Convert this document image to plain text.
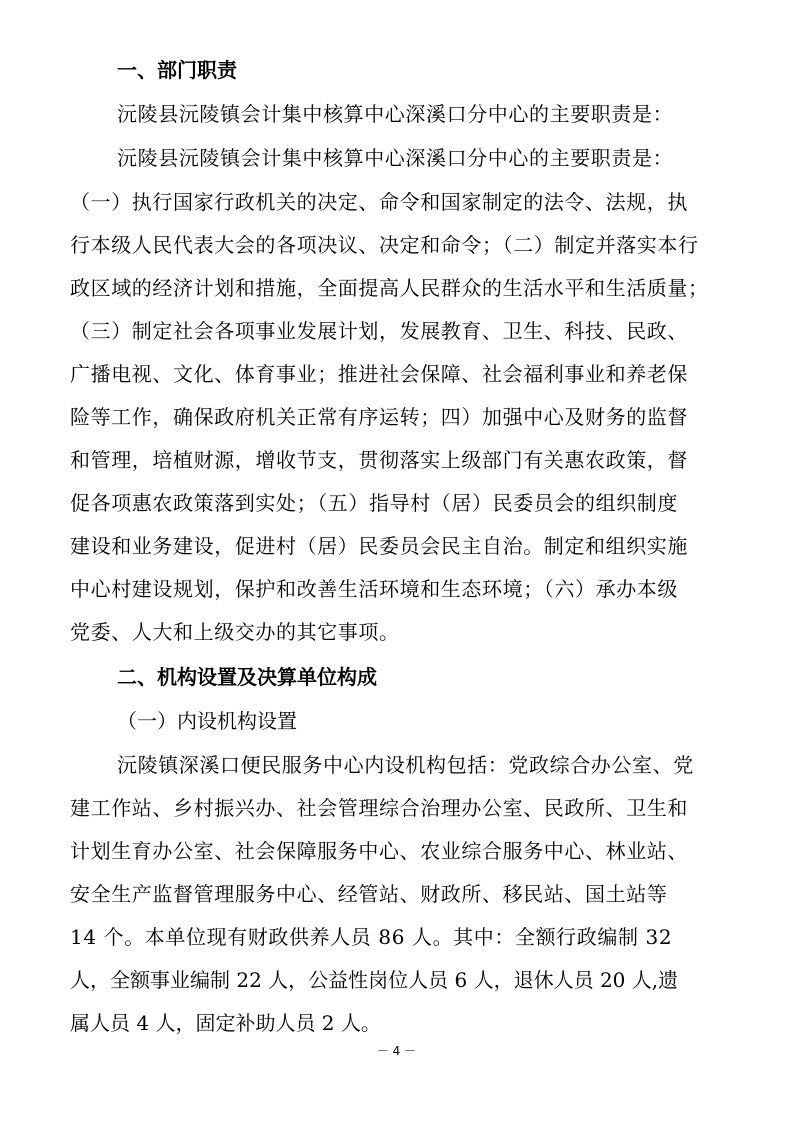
一、部门职责

沅陵县沅陵镇会计集中核算中心深溪口分中心的主要职责是：

沅陵县沅陵镇会计集中核算中心深溪口分中心的主要职责是：

（一）执行国家行政机关的决定、命令和国家制定的法令、法规，执

行本级人民代表大会的各项决议、决定和命令；（二）制定并落实本行

政区域的经济计划和措施，全面提高人民群众的生活水平和生活质量；

（三）制定社会各项事业发展计划，发展教育、卫生、科技、民政、

广播电视、文化、体育事业；推进社会保障、社会福利事业和养老保

险等工作，确保政府机关正常有序运转；四）加强中心及财务的监督

和管理，培植财源，增收节支，贯彻落实上级部门有关惠农政策，督

促各项惠农政策落到实处；（五）指导村（居）民委员会的组织制度

建设和业务建设，促进村（居）民委员会民主自治。制定和组织实施

中心村建设规划，保护和改善生活环境和生态环境；（六）承办本级

党委、人大和上级交办的其它事项。

二、机构设置及决算单位构成

（一）内设机构设置

沅陵镇深溪口便民服务中心内设机构包括：党政综合办公室、党

建工作站、乡村振兴办、社会管理综合治理办公室、民政所、卫生和

计划生育办公室、社会保障服务中心、农业综合服务中心、林业站、

安全生产监督管理服务中心、经管站、财政所、移民站、国土站等

14 个。本单位现有财政供养人员 86 人。其中：全额行政编制 32

人，全额事业编制 22 人，公益性岗位人员 6 人，退休人员 20 人,遗

属人员 4 人，固定补助人员 2 人。

－ 4 －
